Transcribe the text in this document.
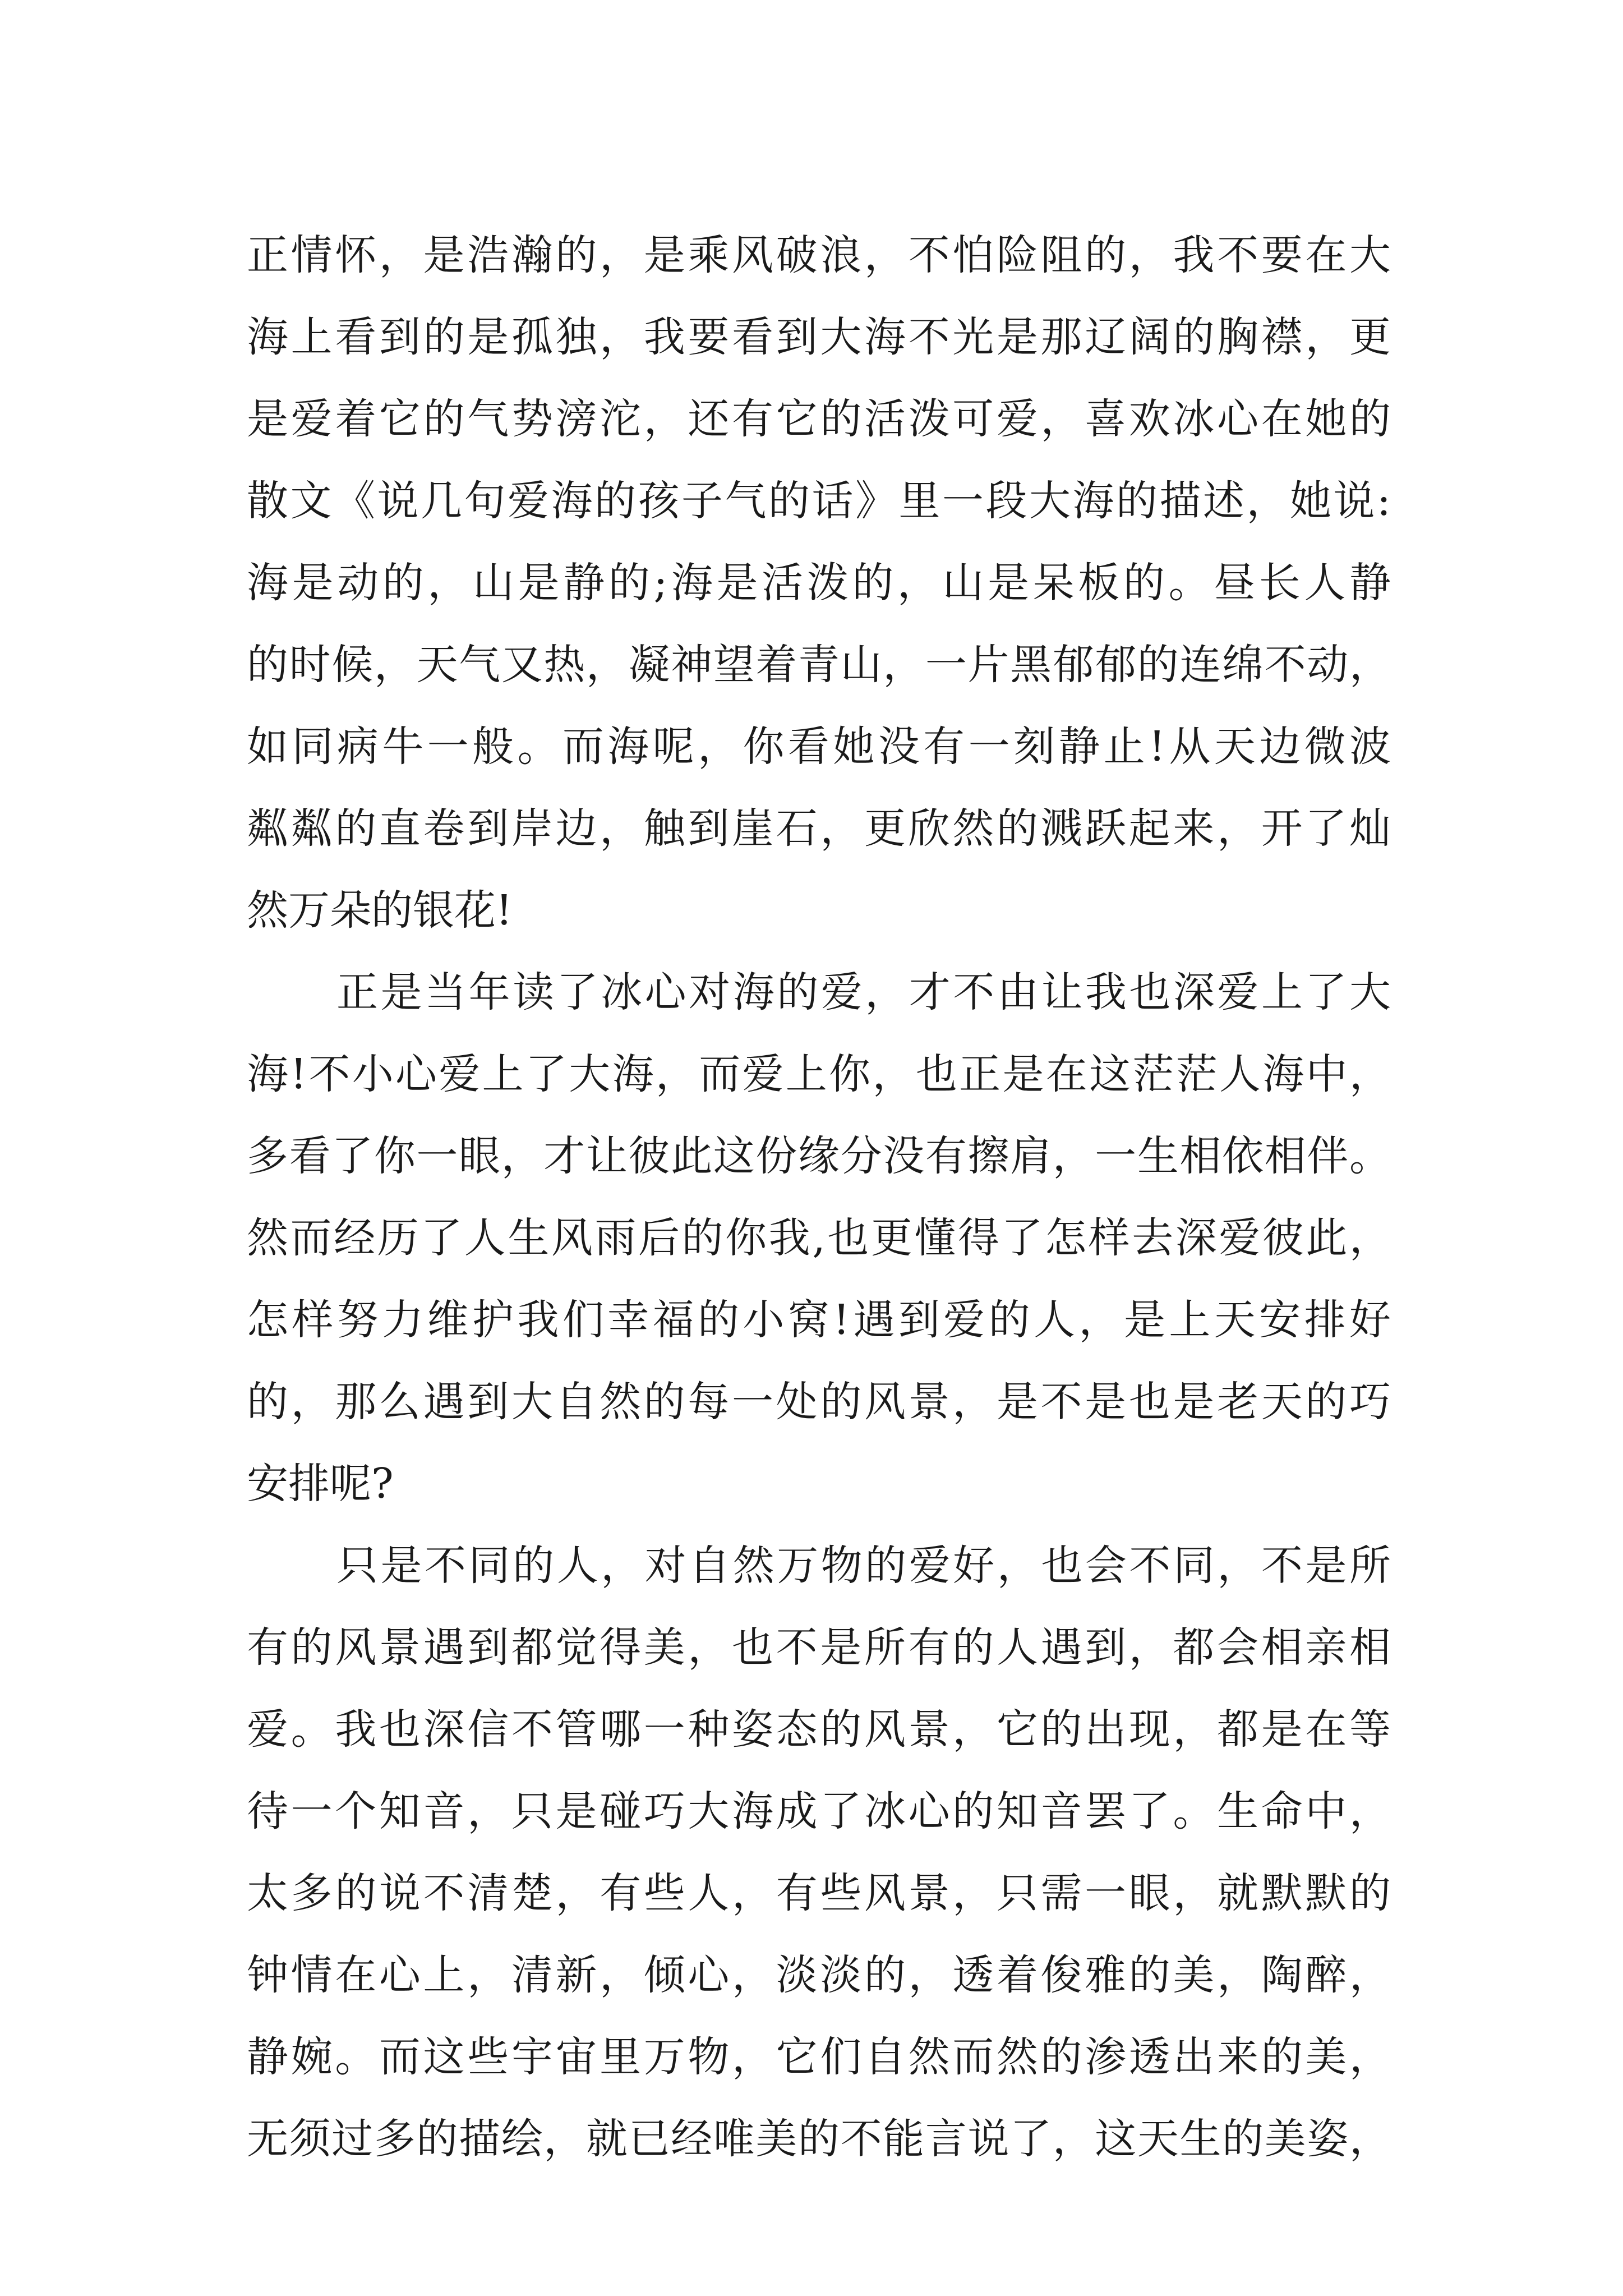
正情怀，是浩瀚的，是乘风破浪，不怕险阻的，我不要在大
海上看到的是孤独，我要看到大海不光是那辽阔的胸襟，更
是爱着它的气势滂沱，还有它的活泼可爱，喜欢冰心在她的
散文《说几句爱海的孩子气的话》里一段大海的描述，她说:
海是动的，山是静的;海是活泼的，山是呆板的。昼长人静
的时候，天气又热，凝神望着青山，一片黑郁郁的连绵不动，
如同病牛一般。而海呢，你看她没有一刻静止!从天边微波
粼粼的直卷到岸边，触到崖石，更欣然的溅跃起来，开了灿
然万朵的银花!
正是当年读了冰心对海的爱，才不由让我也深爱上了大
海!不小心爱上了大海，而爱上你，也正是在这茫茫人海中，
多看了你一眼，才让彼此这份缘分没有擦肩，一生相依相伴。
然而经历了人生风雨后的你我,也更懂得了怎样去深爱彼此，
怎样努力维护我们幸福的小窝!遇到爱的人，是上天安排好
的，那么遇到大自然的每一处的风景，是不是也是老天的巧
安排呢?
只是不同的人，对自然万物的爱好，也会不同，不是所
有的风景遇到都觉得美，也不是所有的人遇到，都会相亲相
爱。我也深信不管哪一种姿态的风景，它的出现，都是在等
待一个知音，只是碰巧大海成了冰心的知音罢了。生命中，
太多的说不清楚，有些人，有些风景，只需一眼，就默默的
钟情在心上，清新，倾心，淡淡的，透着俊雅的美，陶醉，
静婉。而这些宇宙里万物，它们自然而然的渗透出来的美，
无须过多的描绘，就已经唯美的不能言说了，这天生的美姿，
